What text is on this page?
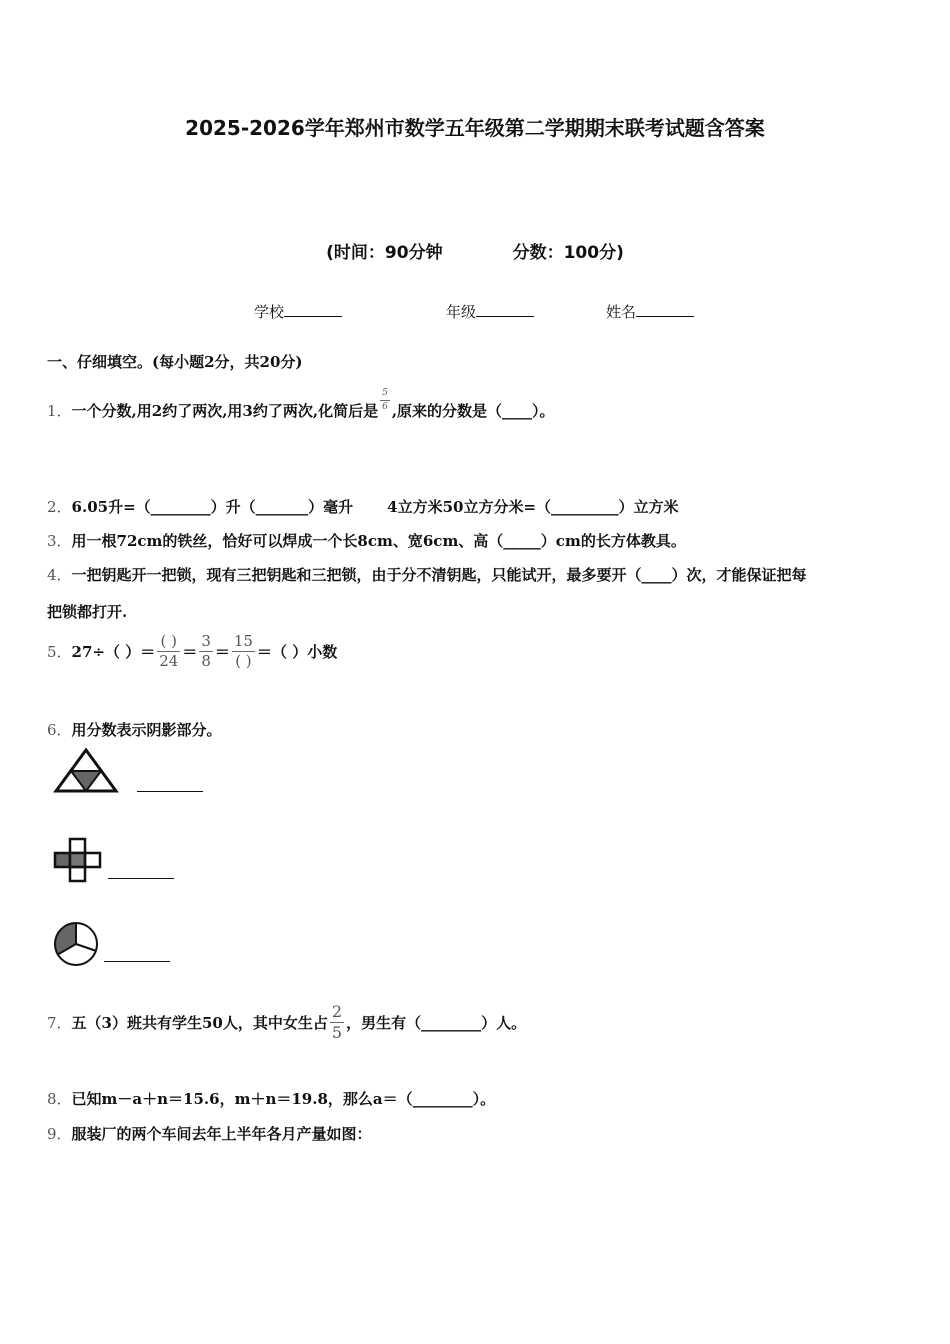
2025-2026学年郑州市数学五年级第二学期期末联考试题含答案
(时间：90分钟	分数：100分)
学校	年级	姓名
一、仔细填空。(每小题2分，共20分)
1．一个分数,用2约了两次,用3约了两次,化简后是 $\frac{5}{6}$ ,原来的分数是（____）。
2．6.05升=（________）升（_______）毫升 4立方米50立方分米=（_________）立方米
3．用一根72cm的铁丝，恰好可以焊成一个长8cm、宽6cm、高（_____）cm的长方体教具。
4．一把钥匙开一把锁，现有三把钥匙和三把锁，由于分不清钥匙，只能试开，最多要开（____）次，才能保证把每
把锁都打开.
5．27÷（ ）＝ $\frac{( )}{24} = \frac{3}{8} = \frac{15}{( )}$ ＝（ ）小数
6．用分数表示阴影部分。
7．五（3）班共有学生50人，其中女生占 $\frac{2}{5}$ ，男生有（________）人。
8．已知m－a＋n＝15.6，m＋n＝19.8，那么a＝（________）。
9．服装厂的两个车间去年上半年各月产量如图：
